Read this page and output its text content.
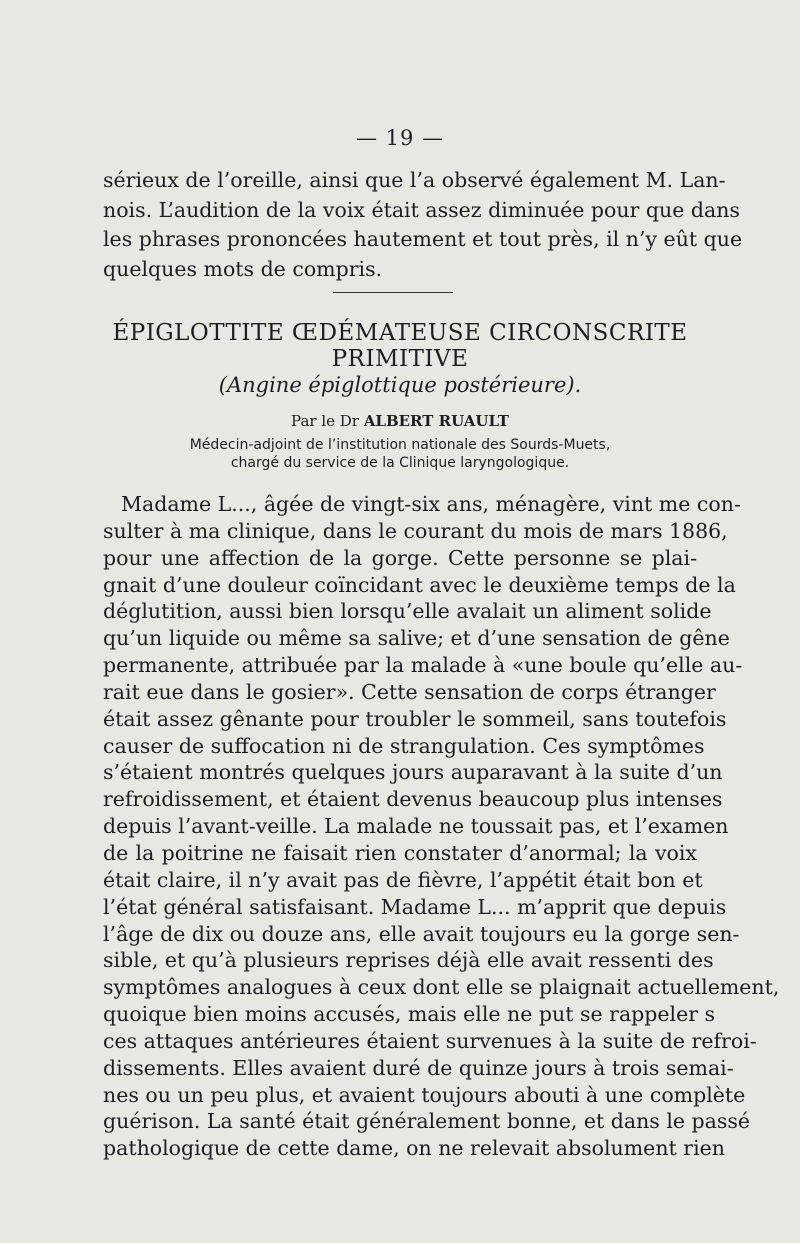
— 19 —
sérieux de l’oreille, ainsi que l’a observé également M. Lan-
nois. L’audition de la voix était assez diminuée pour que dans
les phrases prononcées hautement et tout près, il n’y eût que
quelques mots de compris.
ÉPIGLOTTITE ŒDÉMATEUSE CIRCONSCRITE
PRIMITIVE
(Angine épiglottique postérieure).
Par le Dr ALBERT RUAULT
Médecin-adjoint de l’institution nationale des Sourds-Muets,
chargé du service de la Clinique laryngologique.
Madame L..., âgée de vingt-six ans, ménagère, vint me con-
sulter à ma clinique, dans le courant du mois de mars 1886,
pour une affection de la gorge. Cette personne se plai-
gnait d’une douleur coïncidant avec le deuxième temps de la
déglutition, aussi bien lorsqu’elle avalait un aliment solide
qu’un liquide ou même sa salive; et d’une sensation de gêne
permanente, attribuée par la malade à «une boule qu’elle au-
rait eue dans le gosier». Cette sensation de corps étranger
était assez gênante pour troubler le sommeil, sans toutefois
causer de suffocation ni de strangulation. Ces symptômes
s’étaient montrés quelques jours auparavant à la suite d’un
refroidissement, et étaient devenus beaucoup plus intenses
depuis l’avant-veille. La malade ne toussait pas, et l’examen
de la poitrine ne faisait rien constater d’anormal; la voix
était claire, il n’y avait pas de fièvre, l’appétit était bon et
l’état général satisfaisant. Madame L... m’apprit que depuis
l’âge de dix ou douze ans, elle avait toujours eu la gorge sen-
sible, et qu’à plusieurs reprises déjà elle avait ressenti des
symptômes analogues à ceux dont elle se plaignait actuellement,
quoique bien moins accusés, mais elle ne put se rappeler s
ces attaques antérieures étaient survenues à la suite de refroi-
dissements. Elles avaient duré de quinze jours à trois semai-
nes ou un peu plus, et avaient toujours abouti à une complète
guérison. La santé était généralement bonne, et dans le passé
pathologique de cette dame, on ne relevait absolument rien
